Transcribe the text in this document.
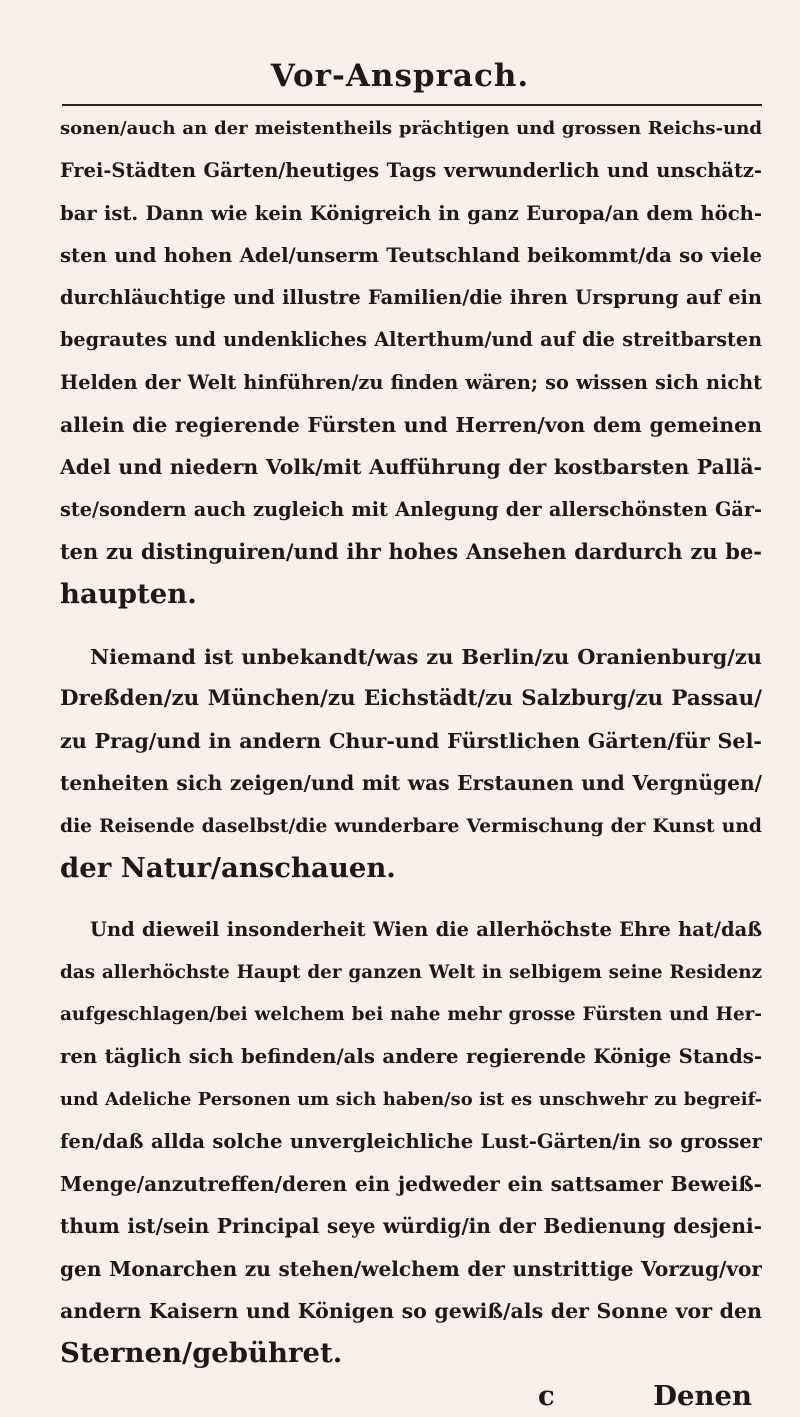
Vor-Ansprach.
sonen/auch an der meistentheils prächtigen und grossen Reichs-und
Frei-Städten Gärten/heutiges Tags verwunderlich und unschätz-
bar ist. Dann wie kein Königreich in ganz Europa/an dem höch-
sten und hohen Adel/unserm Teutschland beikommt/da so viele
durchläuchtige und illustre Familien/die ihren Ursprung auf ein
begrautes und undenkliches Alterthum/und auf die streitbarsten
Helden der Welt hinführen/zu finden wären; so wissen sich nicht
allein die regierende Fürsten und Herren/von dem gemeinen
Adel und niedern Volk/mit Aufführung der kostbarsten Pallä-
ste/sondern auch zugleich mit Anlegung der allerschönsten Gär-
ten zu distinguiren/und ihr hohes Ansehen dardurch zu be-
haupten.
Niemand ist unbekandt/was zu Berlin/zu Oranienburg/zu
Dreßden/zu München/zu Eichstädt/zu Salzburg/zu Passau/
zu Prag/und in andern Chur-und Fürstlichen Gärten/für Sel-
tenheiten sich zeigen/und mit was Erstaunen und Vergnügen/
die Reisende daselbst/die wunderbare Vermischung der Kunst und
der Natur/anschauen.
Und dieweil insonderheit Wien die allerhöchste Ehre hat/daß
das allerhöchste Haupt der ganzen Welt in selbigem seine Residenz
aufgeschlagen/bei welchem bei nahe mehr grosse Fürsten und Her-
ren täglich sich befinden/als andere regierende Könige Stands-
und Adeliche Personen um sich haben/so ist es unschwehr zu begreif-
fen/daß allda solche unvergleichliche Lust-Gärten/in so grosser
Menge/anzutreffen/deren ein jedweder ein sattsamer Beweiß-
thum ist/sein Principal seye würdig/in der Bedienung desjeni-
gen Monarchen zu stehen/welchem der unstrittige Vorzug/vor
andern Kaisern und Königen so gewiß/als der Sonne vor den
Sternen/gebühret.
c	Denen
